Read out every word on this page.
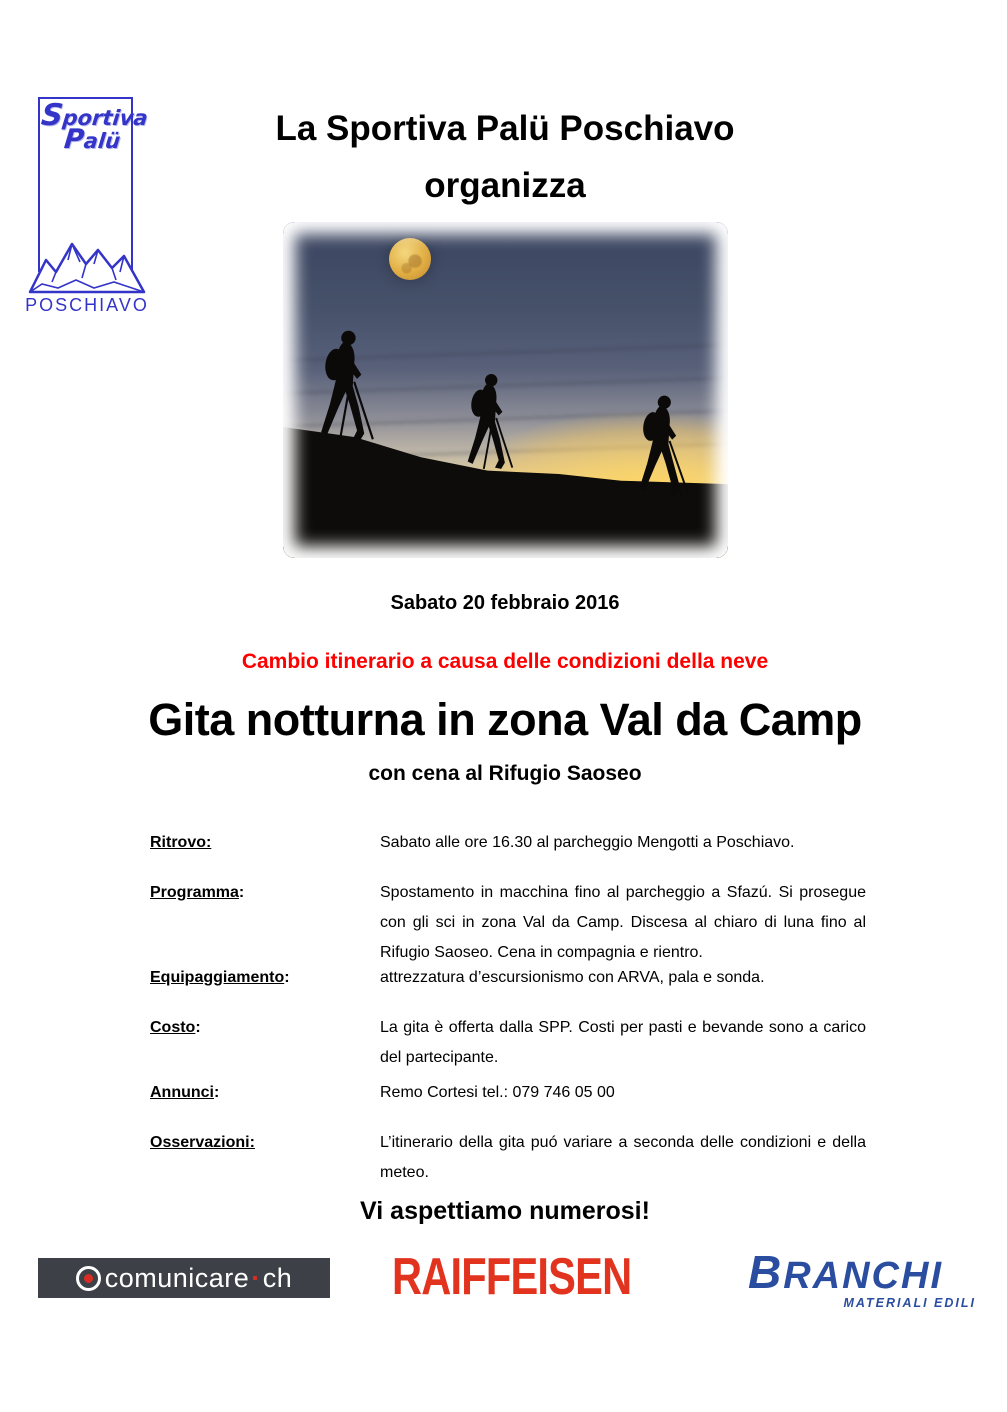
Sportiva
Palü
POSCHIAVO
La Sportiva Palü Poschiavo
organizza
Sabato 20 febbraio 2016
Cambio itinerario a causa delle condizioni della neve
Gita notturna in zona Val da Camp
con cena al Rifugio Saoseo
Ritrovo:	Sabato alle ore 16.30 al parcheggio Mengotti a Poschiavo.
Programma:	Spostamento in macchina fino al parcheggio a Sfazú. Si prosegue con gli sci in zona Val da Camp. Discesa al chiaro di luna fino al Rifugio Saoseo. Cena in compagnia e rientro.
Equipaggiamento:	attrezzatura d’escursionismo con ARVA, pala e sonda.
Costo:	La gita è offerta dalla SPP. Costi per pasti e bevande sono a carico del partecipante.
Annunci:	Remo Cortesi tel.: 079 746 05 00
Osservazioni:	L’itinerario della gita puó variare a seconda delle condizioni e della meteo.
Vi aspettiamo numerosi!
comunicare · ch RAIFFEISEN	BRANCHI
MATERIALI EDILI
